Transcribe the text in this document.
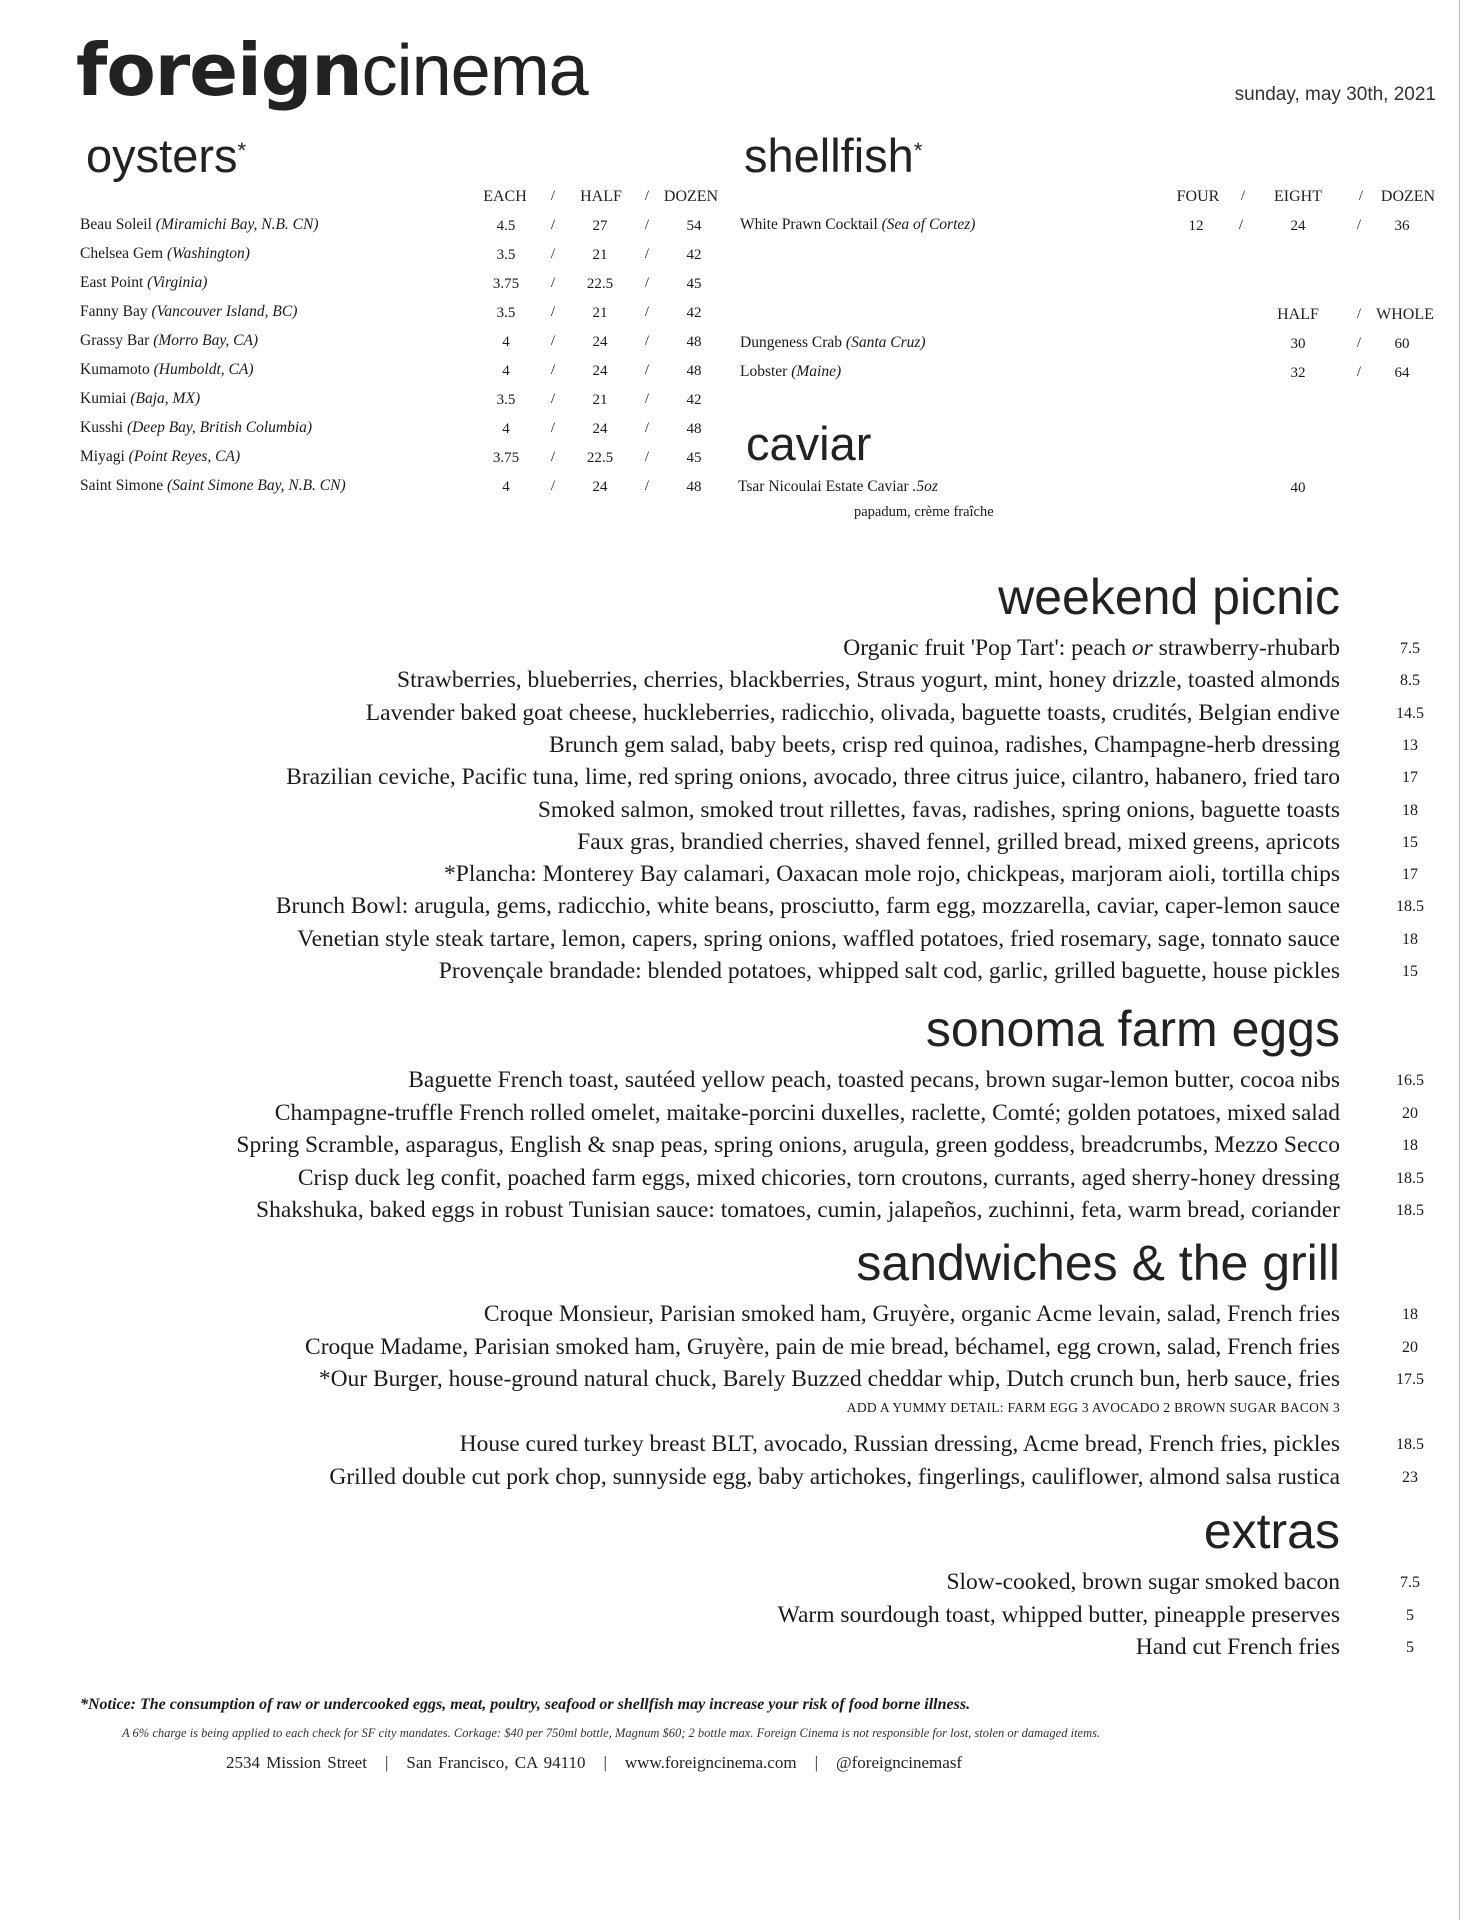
foreigncinema	sunday, may 30th, 2021
oysters*
EACH	HALF	DOZEN
/	/
Beau Soleil (Miramichi Bay, N.B. CN)	4.5	/	27	/	54
Chelsea Gem (Washington)	3.5	/	21	/	42
East Point (Virginia)	3.75	/	22.5	/	45
Fanny Bay (Vancouver Island, BC)	3.5	/	21	/	42
Grassy Bar (Morro Bay, CA)	4	/	24	/	48
Kumamoto (Humboldt, CA)	4	/	24	/	48
Kumiai (Baja, MX)	3.5	/	21	/	42
Kusshi (Deep Bay, British Columbia)	4	/	24	/	48
Miyagi (Point Reyes, CA)	3.75	/	22.5	/	45
Saint Simone (Saint Simone Bay, N.B. CN)	4	/	24	/	48
shellfish*
FOUR	EIGHT	DOZEN
/	/
White Prawn Cocktail (Sea of Cortez)	12	/	24	/	36
HALF	/ WHOLE
Dungeness Crab (Santa Cruz)	30	/	60
Lobster (Maine)	32	/	64
caviar
Tsar Nicoulai Estate Caviar .5oz	40
papadum, crème fraîche
weekend picnic
Organic fruit 'Pop Tart': peach or strawberry-rhubarb	7.5
Strawberries, blueberries, cherries, blackberries, Straus yogurt, mint, honey drizzle, toasted almonds	8.5
Lavender baked goat cheese, huckleberries, radicchio, olivada, baguette toasts, crudités, Belgian endive	14.5
Brunch gem salad, baby beets, crisp red quinoa, radishes, Champagne-herb dressing	13
Brazilian ceviche, Pacific tuna, lime, red spring onions, avocado, three citrus juice, cilantro, habanero, fried taro	17
Smoked salmon, smoked trout rillettes, favas, radishes, spring onions, baguette toasts	18
Faux gras, brandied cherries, shaved fennel, grilled bread, mixed greens, apricots	15
*Plancha: Monterey Bay calamari, Oaxacan mole rojo, chickpeas, marjoram aioli, tortilla chips	17
Brunch Bowl: arugula, gems, radicchio, white beans, prosciutto, farm egg, mozzarella, caviar, caper-lemon sauce	18.5
Venetian style steak tartare, lemon, capers, spring onions, waffled potatoes, fried rosemary, sage, tonnato sauce	18
Provençale brandade: blended potatoes, whipped salt cod, garlic, grilled baguette, house pickles	15
sonoma farm eggs
Baguette French toast, sautéed yellow peach, toasted pecans, brown sugar-lemon butter, cocoa nibs	16.5
Champagne-truffle French rolled omelet, maitake-porcini duxelles, raclette, Comté; golden potatoes, mixed salad	20
Spring Scramble, asparagus, English & snap peas, spring onions, arugula, green goddess, breadcrumbs, Mezzo Secco	18
Crisp duck leg confit, poached farm eggs, mixed chicories, torn croutons, currants, aged sherry-honey dressing	18.5
Shakshuka, baked eggs in robust Tunisian sauce: tomatoes, cumin, jalapeños, zuchinni, feta, warm bread, coriander	18.5
sandwiches & the grill
Croque Monsieur, Parisian smoked ham, Gruyère, organic Acme levain, salad, French fries	18
Croque Madame, Parisian smoked ham, Gruyère, pain de mie bread, béchamel, egg crown, salad, French fries	20
*Our Burger, house-ground natural chuck, Barely Buzzed cheddar whip, Dutch crunch bun, herb sauce, fries	17.5
ADD A YUMMY DETAIL: FARM EGG 3 AVOCADO 2 BROWN SUGAR BACON 3
House cured turkey breast BLT, avocado, Russian dressing, Acme bread, French fries, pickles	18.5
Grilled double cut pork chop, sunnyside egg, baby artichokes, fingerlings, cauliflower, almond salsa rustica	23
extras
Slow-cooked, brown sugar smoked bacon	7.5
Warm sourdough toast, whipped butter, pineapple preserves	5
Hand cut French fries	5
*Notice: The consumption of raw or undercooked eggs, meat, poultry, seafood or shellfish may increase your risk of food borne illness.
A 6% charge is being applied to each check for SF city mandates. Corkage: $40 per 750ml bottle, Magnum $60; 2 bottle max. Foreign Cinema is not responsible for lost, stolen or damaged items.
2534 Mission Street | San Francisco, CA 94110 | www.foreigncinema.com | @foreigncinemasf
